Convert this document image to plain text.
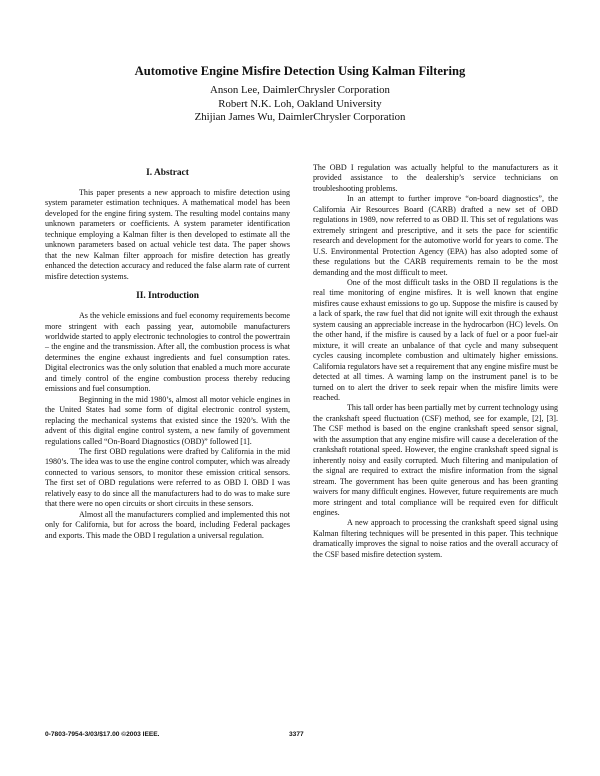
Automotive Engine Misfire Detection Using Kalman Filtering
Anson Lee, DaimlerChrysler Corporation
Robert N.K. Loh, Oakland University
Zhijian James Wu, DaimlerChrysler Corporation
I. Abstract

This paper presents a new approach to misfire detection using system parameter estimation techniques. A mathematical model has been developed for the engine firing system. The resulting model contains many unknown parameters or coefficients. A system parameter identification technique employing a Kalman filter is then developed to estimate all the unknown parameters based on actual vehicle test data. The paper shows that the new Kalman filter approach for misfire detection has greatly enhanced the detection accuracy and reduced the false alarm rate of current misfire detection systems.

II. Introduction

As the vehicle emissions and fuel economy requirements become more stringent with each passing year, automobile manufacturers worldwide started to apply electronic technologies to control the powertrain – the engine and the transmission. After all, the combustion process is what determines the engine exhaust ingredients and fuel consumption rates. Digital electronics was the only solution that enabled a much more accurate and timely control of the engine combustion process thereby reducing emissions and fuel consumption.

Beginning in the mid 1980’s, almost all motor vehicle engines in the United States had some form of digital electronic control system, replacing the mechanical systems that existed since the 1920’s. With the advent of this digital engine control system, a new family of government regulations called “On-Board Diagnostics (OBD)” followed [1].

The first OBD regulations were drafted by California in the mid 1980’s. The idea was to use the engine control computer, which was already connected to various sensors, to monitor these emission critical sensors. The first set of OBD regulations were referred to as OBD I. OBD I was relatively easy to do since all the manufacturers had to do was to make sure that there were no open circuits or short circuits in these sensors.

Almost all the manufacturers complied and implemented this not only for California, but for across the board, including Federal packages and exports. This made the OBD I regulation a universal regulation.

The OBD I regulation was actually helpful to the manufacturers as it provided assistance to the dealership’s service technicians on troubleshooting problems.

In an attempt to further improve “on-board diagnostics”, the California Air Resources Board (CARB) drafted a new set of OBD regulations in 1989, now referred to as OBD II. This set of regulations was extremely stringent and prescriptive, and it sets the pace for scientific research and development for the automotive world for years to come. The U.S. Environmental Protection Agency (EPA) has also adopted some of these regulations but the CARB requirements remain to be the most demanding and the most difficult to meet.

One of the most difficult tasks in the OBD II regulations is the real time monitoring of engine misfires. It is well known that engine misfires cause exhaust emissions to go up. Suppose the misfire is caused by a lack of spark, the raw fuel that did not ignite will exit through the exhaust system causing an appreciable increase in the hydrocarbon (HC) levels. On the other hand, if the misfire is caused by a lack of fuel or a poor fuel-air mixture, it will create an unbalance of that cycle and many subsequent cycles causing incomplete combustion and ultimately higher emissions. California regulators have set a requirement that any engine misfire must be detected at all times. A warning lamp on the instrument panel is to be turned on to alert the driver to seek repair when the misfire limits were reached.

This tall order has been partially met by current technology using the crankshaft speed fluctuation (CSF) method, see for example, [2], [3]. The CSF method is based on the engine crankshaft speed sensor signal, with the assumption that any engine misfire will cause a deceleration of the crankshaft rotational speed. However, the engine crankshaft speed signal is inherently noisy and easily corrupted. Much filtering and manipulation of the signal are required to extract the misfire information from the signal stream. The government has been quite generous and has been granting waivers for many difficult engines. However, future requirements are much more stringent and total compliance will be required even for difficult engines.

A new approach to processing the crankshaft speed signal using Kalman filtering techniques will be presented in this paper. This technique dramatically improves the signal to noise ratios and the overall accuracy of the CSF based misfire detection system.

0-7803-7954-3/03/$17.00 ©2003 IEEE.	3377
